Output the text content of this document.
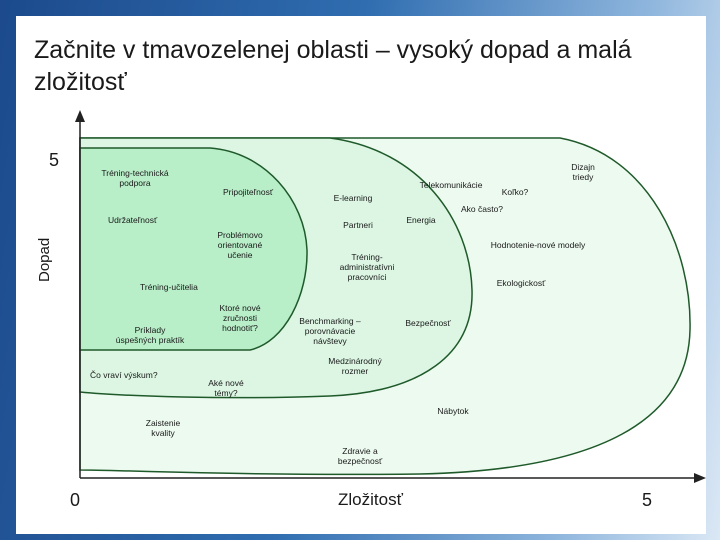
Začnite v tmavozelenej oblasti – vysoký dopad a malá zložitosť
5
Dopad
0	Zložitosť	5
Tréning-technická
podpora
Pripojiteľnosť
Udržateľnosť
Problémovo
orientované
učenie
Tréning-učitelia
Ktoré nové
zručnosti
hodnotiť?
Príklady
úspešných praktík
Čo vraví výskum?
Aké nové
témy?
E-learning
Partneri
Tréning-
administratívni
pracovníci
Benchmarking –
porovnávacie
návštevy
Medzinárodný
rozmer
Zaistenie
kvality
Telekomunikácie
Koľko?
Dizajn
triedy
Ako často?
Energia
Hodnotenie-nové modely
Ekologickosť
Bezpečnosť
Nábytok
Zdravie a
bezpečnosť
